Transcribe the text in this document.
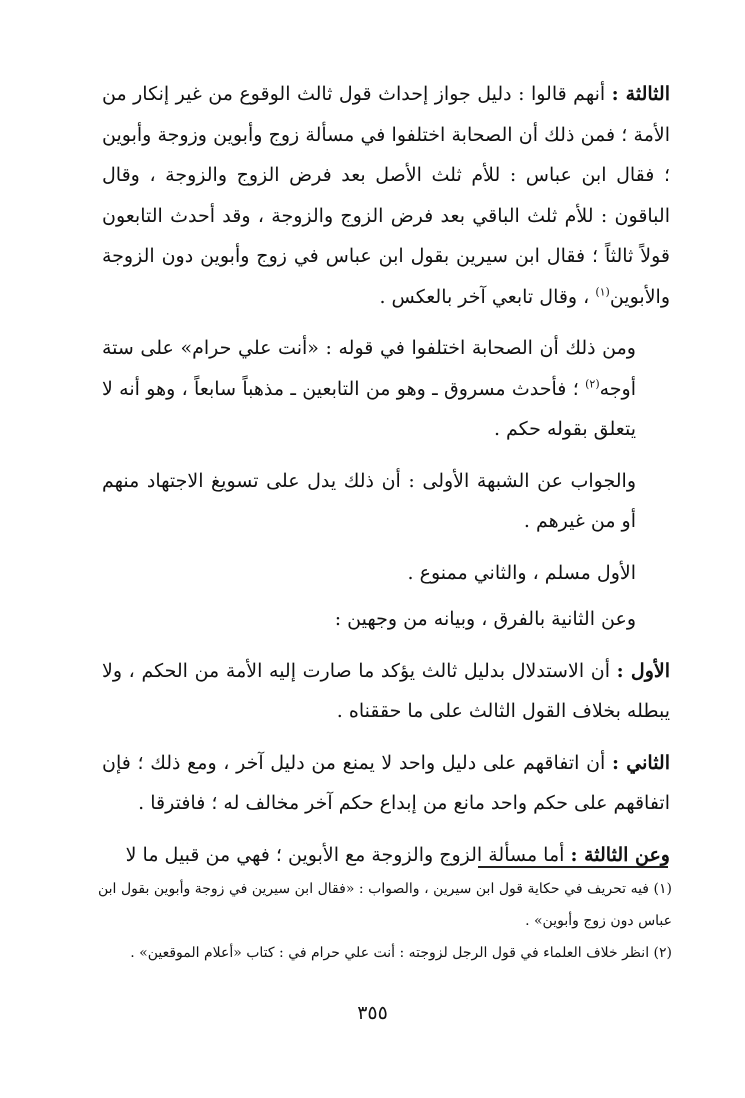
الثالثة : أنهم قالوا : دليل جواز إحداث قول ثالث الوقوع من غير إنكار من الأمة ؛ فمن ذلك أن الصحابة اختلفوا في مسألة زوج وأبوين وزوجة وأبوين ؛ فقال ابن عباس : للأم ثلث الأصل بعد فرض الزوج والزوجة ، وقال الباقون : للأم ثلث الباقي بعد فرض الزوج والزوجة ، وقد أحدث التابعون قولاً ثالثاً ؛ فقال ابن سيرين بقول ابن عباس في زوج وأبوين دون الزوجة والأبوين$^{(١)}$ ، وقال تابعي آخر بالعكس .

ومن ذلك أن الصحابة اختلفوا في قوله : «أنت علي حرام» على ستة أوجه$^{(٢)}$ ؛ فأحدث مسروق ـ وهو من التابعين ـ مذهباً سابعاً ، وهو أنه لا يتعلق بقوله حكم .

والجواب عن الشبهة الأولى : أن ذلك يدل على تسويغ الاجتهاد منهم أو من غيرهم .

الأول مسلم ، والثاني ممنوع .

وعن الثانية بالفرق ، وبيانه من وجهين :

الأول : أن الاستدلال بدليل ثالث يؤكد ما صارت إليه الأمة من الحكم ، ولا يبطله بخلاف القول الثالث على ما حققناه .

الثاني : أن اتفاقهم على دليل واحد لا يمنع من دليل آخر ، ومع ذلك ؛ فإن اتفاقهم على حكم واحد مانع من إبداع حكم آخر مخالف له ؛ فافترقا .

وعن الثالثة : أما مسألة الزوج والزوجة مع الأبوين ؛ فهي من قبيل ما لا

(١) فيه تحريف في حكاية قول ابن سيرين ، والصواب : «فقال ابن سيرين في زوجة وأبوين بقول ابن عباس دون زوج وأبوين» .

(٢) انظر خلاف العلماء في قول الرجل لزوجته : أنت علي حرام في : كتاب «أعلام الموقعين» .

٣٥٥
